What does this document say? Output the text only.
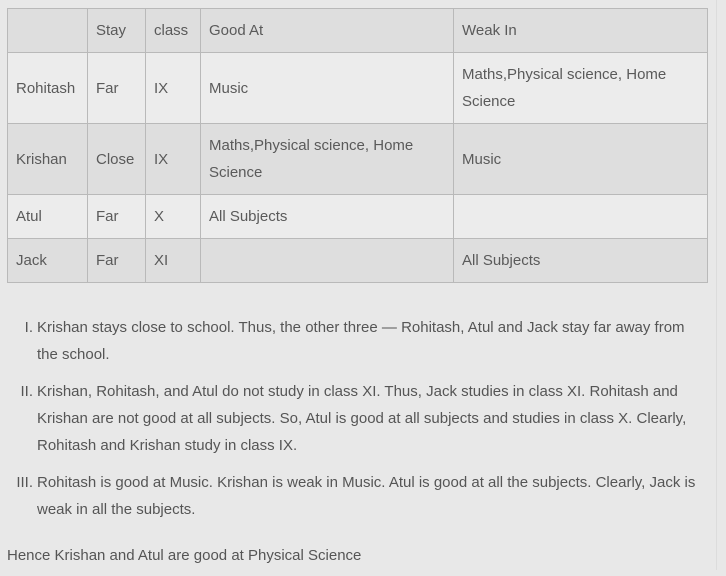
	Stay	class	Good At	Weak In
Rohitash	Far	IX	Music	Maths,Physical science, Home Science
Krishan	Close	IX	Maths,Physical science, Home Science	Music
Atul	Far	X	All Subjects	
Jack	Far	XI		All Subjects
I. Krishan stays close to school. Thus, the other three — Rohitash, Atul and Jack stay far away from the school.
II. Krishan, Rohitash, and Atul do not study in class XI. Thus, Jack studies in class XI. Rohitash and Krishan are not good at all subjects. So, Atul is good at all subjects and studies in class X. Clearly, Rohitash and Krishan study in class IX.
III. Rohitash is good at Music. Krishan is weak in Music. Atul is good at all the subjects. Clearly, Jack is weak in all the subjects.
Hence Krishan and Atul are good at Physical Science
